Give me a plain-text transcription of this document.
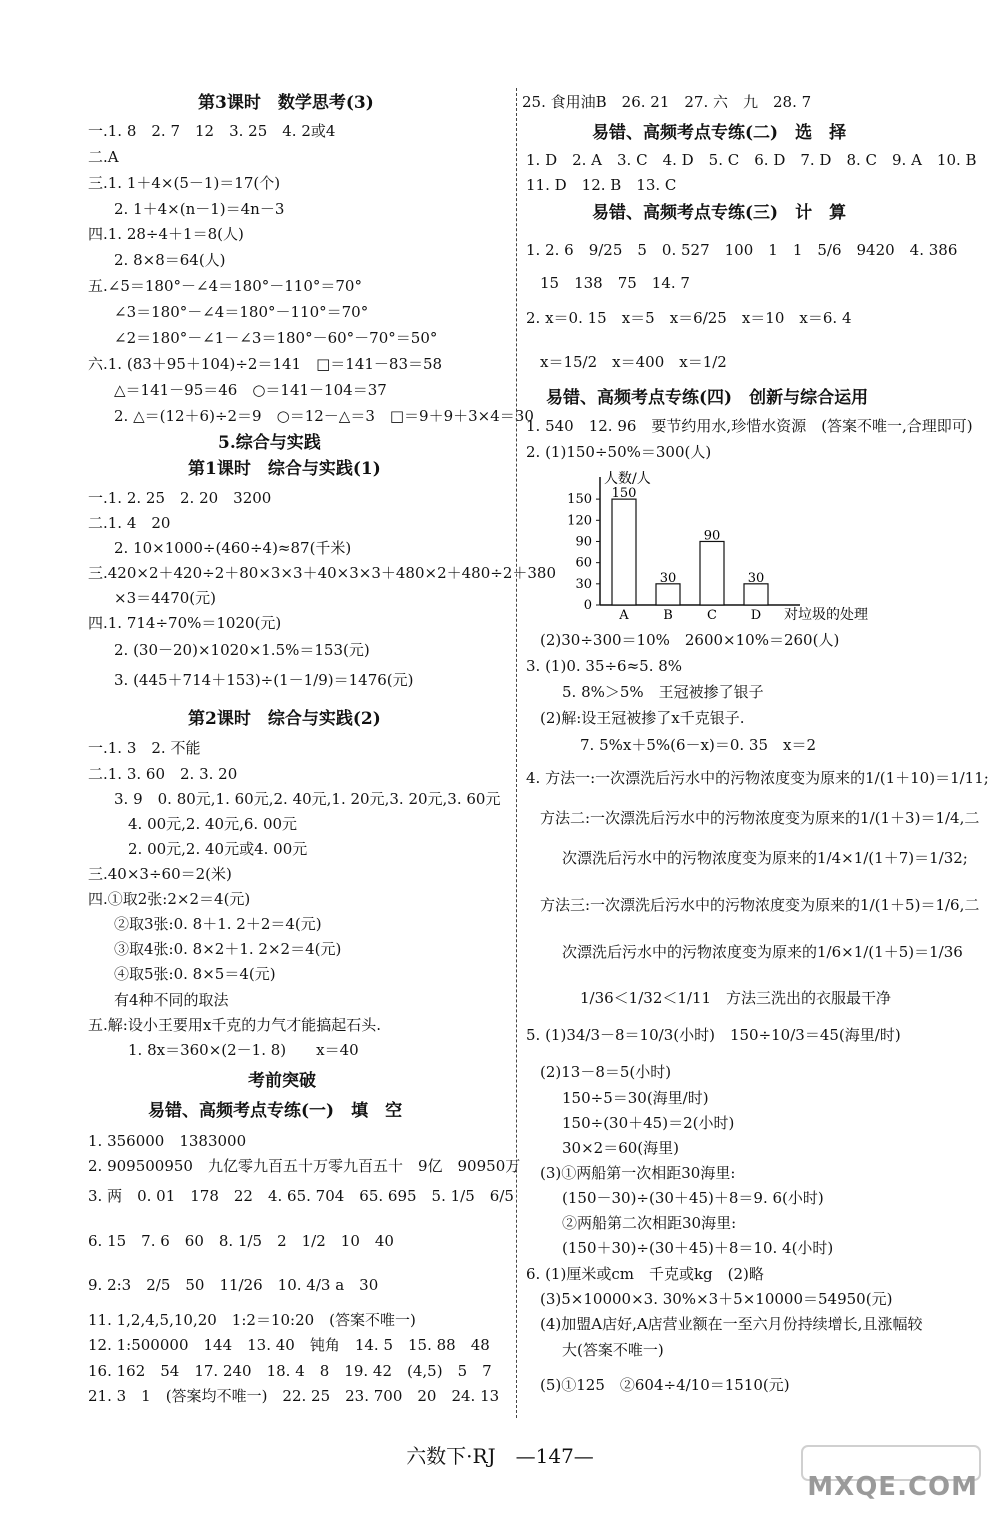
第3课时　数学思考(3)
一.1. 8　2. 7　12　3. 25　4. 2或4
二.A
三.1. 1＋4×(5－1)＝17(个)
2. 1＋4×(n－1)＝4n－3
四.1. 28÷4＋1＝8(人)
2. 8×8＝64(人)
五.∠5＝180°－∠4＝180°－110°＝70°
∠3＝180°－∠4＝180°－110°＝70°
∠2＝180°－∠1－∠3＝180°－60°－70°＝50°
六.1. (83＋95＋104)÷2＝141　□＝141－83＝58
△＝141－95＝46　○＝141－104＝37
2. △＝(12＋6)÷2＝9　○＝12－△＝3　□＝9＋9＋3×4＝30
5.综合与实践
第1课时　综合与实践(1)
一.1. 2. 25　2. 20　3200
二.1. 4　20
2. 10×1000÷(460÷4)≈87(千米)
三.420×2＋420÷2＋80×3×3＋40×3×3＋480×2＋480÷2＋380
×3＝4470(元)
四.1. 714÷70%＝1020(元)
2. (30－20)×1020×1.5%＝153(元)
3. (445＋714＋153)÷(1－1/9)＝1476(元)
第2课时　综合与实践(2)
一.1. 3　2. 不能
二.1. 3. 60　2. 3. 20
3. 9　0. 80元,1. 60元,2. 40元,1. 20元,3. 20元,3. 60元
4. 00元,2. 40元,6. 00元
2. 00元,2. 40元或4. 00元
三.40×3÷60＝2(米)
四.①取2张:2×2＝4(元)
②取3张:0. 8＋1. 2＋2＝4(元)
③取4张:0. 8×2＋1. 2×2＝4(元)
④取5张:0. 8×5＝4(元)
有4种不同的取法
五.解:设小王要用x千克的力气才能搞起石头.
1. 8x＝360×(2－1. 8)　　x＝40
考前突破
易错、高频考点专练(一)　填　空
1. 356000　1383000
2. 909500950　九亿零九百五十万零九百五十　9亿　90950万
3. 两　0. 01　178　22　4. 65. 704　65. 695　5. 1/5　6/5
6. 15　7. 6　60　8. 1/5　2　1/2　10　40
9. 2:3　2/5　50　11/26　10. 4/3 a　30
11. 1,2,4,5,10,20　1:2＝10:20　(答案不唯一)
12. 1:500000　144　13. 40　钝角　14. 5　15. 88　48
16. 162　54　17. 240　18. 4　8　19. 42　(4,5)　5　7
21. 3　1　(答案均不唯一)　22. 25　23. 700　20　24. 13
25. 食用油B　26. 21　27. 六　九　28. 7
易错、高频考点专练(二)　选　择
1. D　2. A　3. C　4. D　5. C　6. D　7. D　8. C　9. A　10. B
11. D　12. B　13. C
易错、高频考点专练(三)　计　算
1. 2. 6　9/25　5　0. 527　100　1　1　5/6　9420　4. 386
15　138　75　14. 7
2. x＝0. 15　x＝5　x＝6/25　x＝10　x＝6. 4
x＝15/2　x＝400　x＝1/2
易错、高频考点专练(四)　创新与综合运用
1. 540　12. 96　要节约用水,珍惜水资源　(答案不唯一,合理即可)
2. (1)150÷50%＝300(人)
(2)30÷300＝10%　2600×10%＝260(人)
3. (1)0. 35÷6≈5. 8%
5. 8%＞5%　王冠被掺了银子
(2)解:设王冠被掺了x千克银子.
7. 5%x＋5%(6－x)＝0. 35　x＝2
4. 方法一:一次漂洗后污水中的污物浓度变为原来的1/(1＋10)＝1/11;
方法二:一次漂洗后污水中的污物浓度变为原来的1/(1＋3)＝1/4,二
次漂洗后污水中的污物浓度变为原来的1/4×1/(1＋7)＝1/32;
方法三:一次漂洗后污水中的污物浓度变为原来的1/(1＋5)＝1/6,二
次漂洗后污水中的污物浓度变为原来的1/6×1/(1＋5)＝1/36
1/36＜1/32＜1/11　方法三洗出的衣服最干净
5. (1)34/3－8＝10/3(小时)　150÷10/3＝45(海里/时)
(2)13－8＝5(小时)
150÷5＝30(海里/时)
150÷(30＋45)＝2(小时)
30×2＝60(海里)
(3)①两船第一次相距30海里:
(150－30)÷(30＋45)＋8＝9. 6(小时)
②两船第二次相距30海里:
(150＋30)÷(30＋45)＋8＝10. 4(小时)
6. (1)厘米或cm　千克或kg　(2)略
(3)5×10000×3. 30%×3＋5×10000＝54950(元)
(4)加盟A店好,A店营业额在一至六月份持续增长,且涨幅较
大(答案不唯一)
(5)①125　②604÷4/10＝1510(元)
人数/人
对垃圾的处理
0
30
60
90
120
150 150
A
30
B
90
C
30
D
六数下·RJ　—147—
MXQE.COM
